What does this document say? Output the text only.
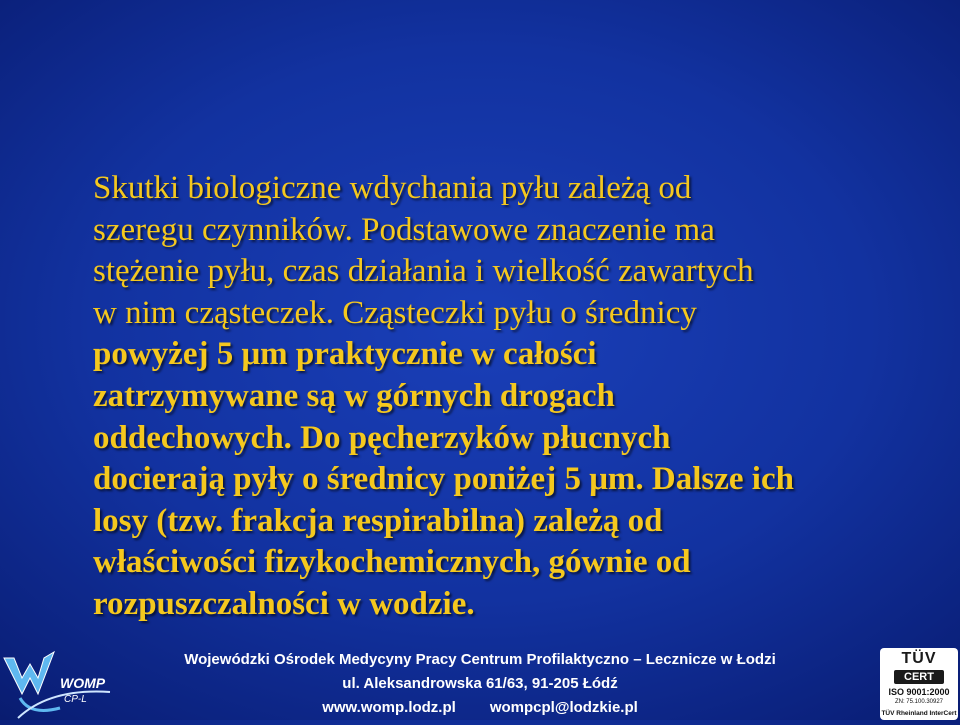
Skutki biologiczne wdychania pyłu zależą od
szeregu czynników. Podstawowe znaczenie ma
stężenie pyłu, czas działania i wielkość zawartych
w nim cząsteczek. Cząsteczki pyłu o średnicy
powyżej 5 μm praktycznie w całości
zatrzymywane są w górnych drogach
oddechowych. Do pęcherzyków płucnych
docierają pyły o średnicy poniżej 5 μm. Dalsze ich
losy (tzw. frakcja respirabilna) zależą od
właściwości fizykochemicznych, gównie od
rozpuszczalności w wodzie.
WOMP
CP-L
Wojewódzki Ośrodek Medycyny Pracy Centrum Profilaktyczno – Lecznicze w Łodzi
ul. Aleksandrowska 61/63, 91-205 Łódź
www.womp.lodz.pl wompcpl@lodzkie.pl
TÜV
CERT
ISO 9001:2000
ZN: 75.100.30927
TÜV Rheinland InterCert
